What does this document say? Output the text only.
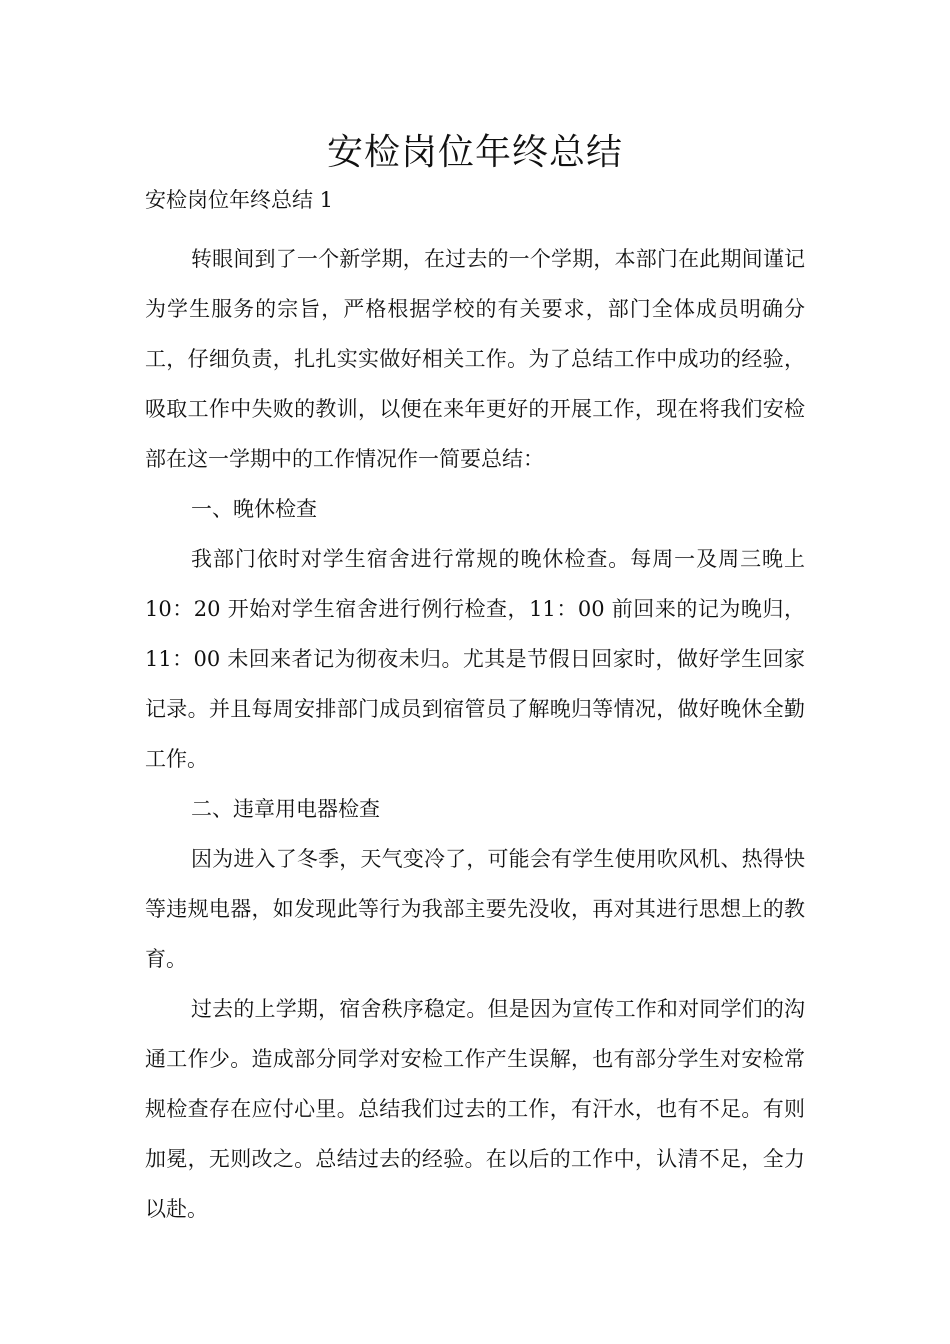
安检岗位年终总结

安检岗位年终总结 1

转眼间到了一个新学期，在过去的一个学期，本部门在此期间谨记为学生服务的宗旨，严格根据学校的有关要求，部门全体成员明确分工，仔细负责，扎扎实实做好相关工作。为了总结工作中成功的经验，吸取工作中失败的教训，以便在来年更好的开展工作，现在将我们安检部在这一学期中的工作情况作一简要总结：

一、晚休检查

我部门依时对学生宿舍进行常规的晚休检查。每周一及周三晚上 10：20 开始对学生宿舍进行例行检查，11：00 前回来的记为晚归，11：00 未回来者记为彻夜未归。尤其是节假日回家时，做好学生回家记录。并且每周安排部门成员到宿管员了解晚归等情况，做好晚休全勤工作。

二、违章用电器检查

因为进入了冬季，天气变冷了，可能会有学生使用吹风机、热得快等违规电器，如发现此等行为我部主要先没收，再对其进行思想上的教育。

过去的上学期，宿舍秩序稳定。但是因为宣传工作和对同学们的沟通工作少。造成部分同学对安检工作产生误解，也有部分学生对安检常规检查存在应付心里。总结我们过去的工作，有汗水，也有不足。有则加冕，无则改之。总结过去的经验。在以后的工作中，认清不足，全力以赴。
